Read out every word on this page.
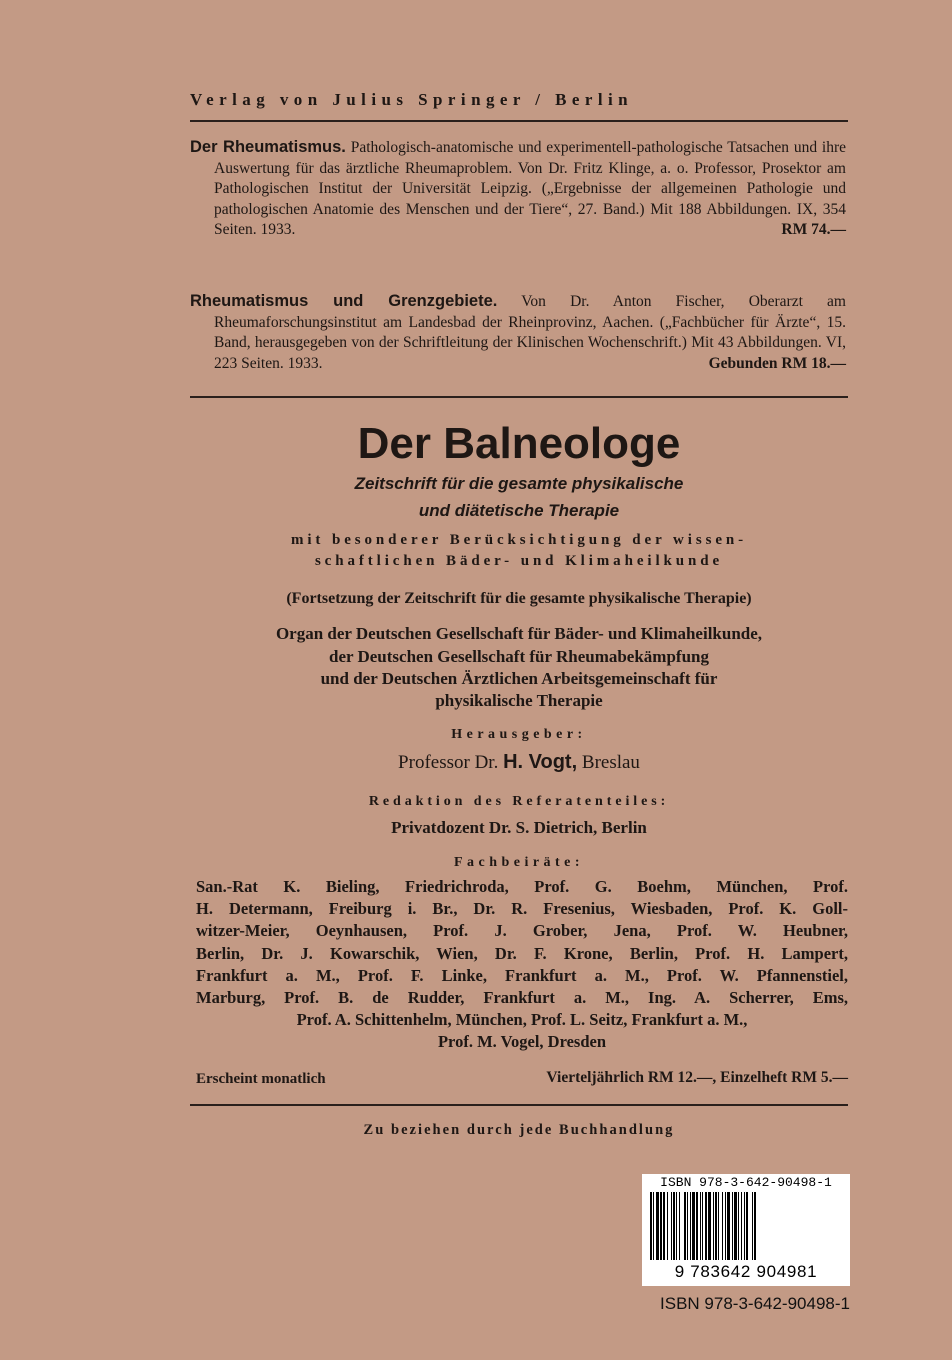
Verlag von Julius Springer / Berlin
Der Rheumatismus. Pathologisch-anatomische und experimentell-pathologische Tatsachen und ihre Auswertung für das ärztliche Rheumaproblem. Von Dr. Fritz Klinge, a. o. Professor, Prosektor am Pathologischen Institut der Universität Leipzig. („Ergebnisse der allgemeinen Pathologie und pathologischen Anatomie des Menschen und der Tiere“, 27. Band.) Mit 188 Abbildungen. IX, 354 Seiten. 1933.	RM 74.—
Rheumatismus und Grenzgebiete. Von Dr. Anton Fischer, Oberarzt am Rheumaforschungsinstitut am Landesbad der Rheinprovinz, Aachen. („Fachbücher für Ärzte“, 15. Band, herausgegeben von der Schriftleitung der Klinischen Wochenschrift.) Mit 43 Abbildungen. VI, 223 Seiten. 1933.	Gebunden RM 18.—
Der Balneologe
Zeitschrift für die gesamte physikalische
und diätetische Therapie
mit besonderer Berücksichtigung der wissen-
schaftlichen Bäder- und Klimaheilkunde
(Fortsetzung der Zeitschrift für die gesamte physikalische Therapie)
Organ der Deutschen Gesellschaft für Bäder- und Klimaheilkunde,
der Deutschen Gesellschaft für Rheumabekämpfung
und der Deutschen Ärztlichen Arbeitsgemeinschaft für
physikalische Therapie
Herausgeber:
Professor Dr. H. Vogt, Breslau
Redaktion des Referatenteiles:
Privatdozent Dr. S. Dietrich, Berlin
Fachbeiräte:
San.-Rat K. Bieling, Friedrichroda, Prof. G. Boehm, München, Prof.
H. Determann, Freiburg i. Br., Dr. R. Fresenius, Wiesbaden, Prof. K. Goll-
witzer-Meier, Oeynhausen, Prof. J. Grober, Jena, Prof. W. Heubner,
Berlin, Dr. J. Kowarschik, Wien, Dr. F. Krone, Berlin, Prof. H. Lampert,
Frankfurt a. M., Prof. F. Linke, Frankfurt a. M., Prof. W. Pfannenstiel,
Marburg, Prof. B. de Rudder, Frankfurt a. M., Ing. A. Scherrer, Ems,
Prof. A. Schittenhelm, München, Prof. L. Seitz, Frankfurt a. M.,
Prof. M. Vogel, Dresden
Erscheint monatlich	Vierteljährlich RM 12.—, Einzelheft RM 5.—
Zu beziehen durch jede Buchhandlung
ISBN 978-3-642-90498-1
9 783642 904981
ISBN 978-3-642-90498-1
